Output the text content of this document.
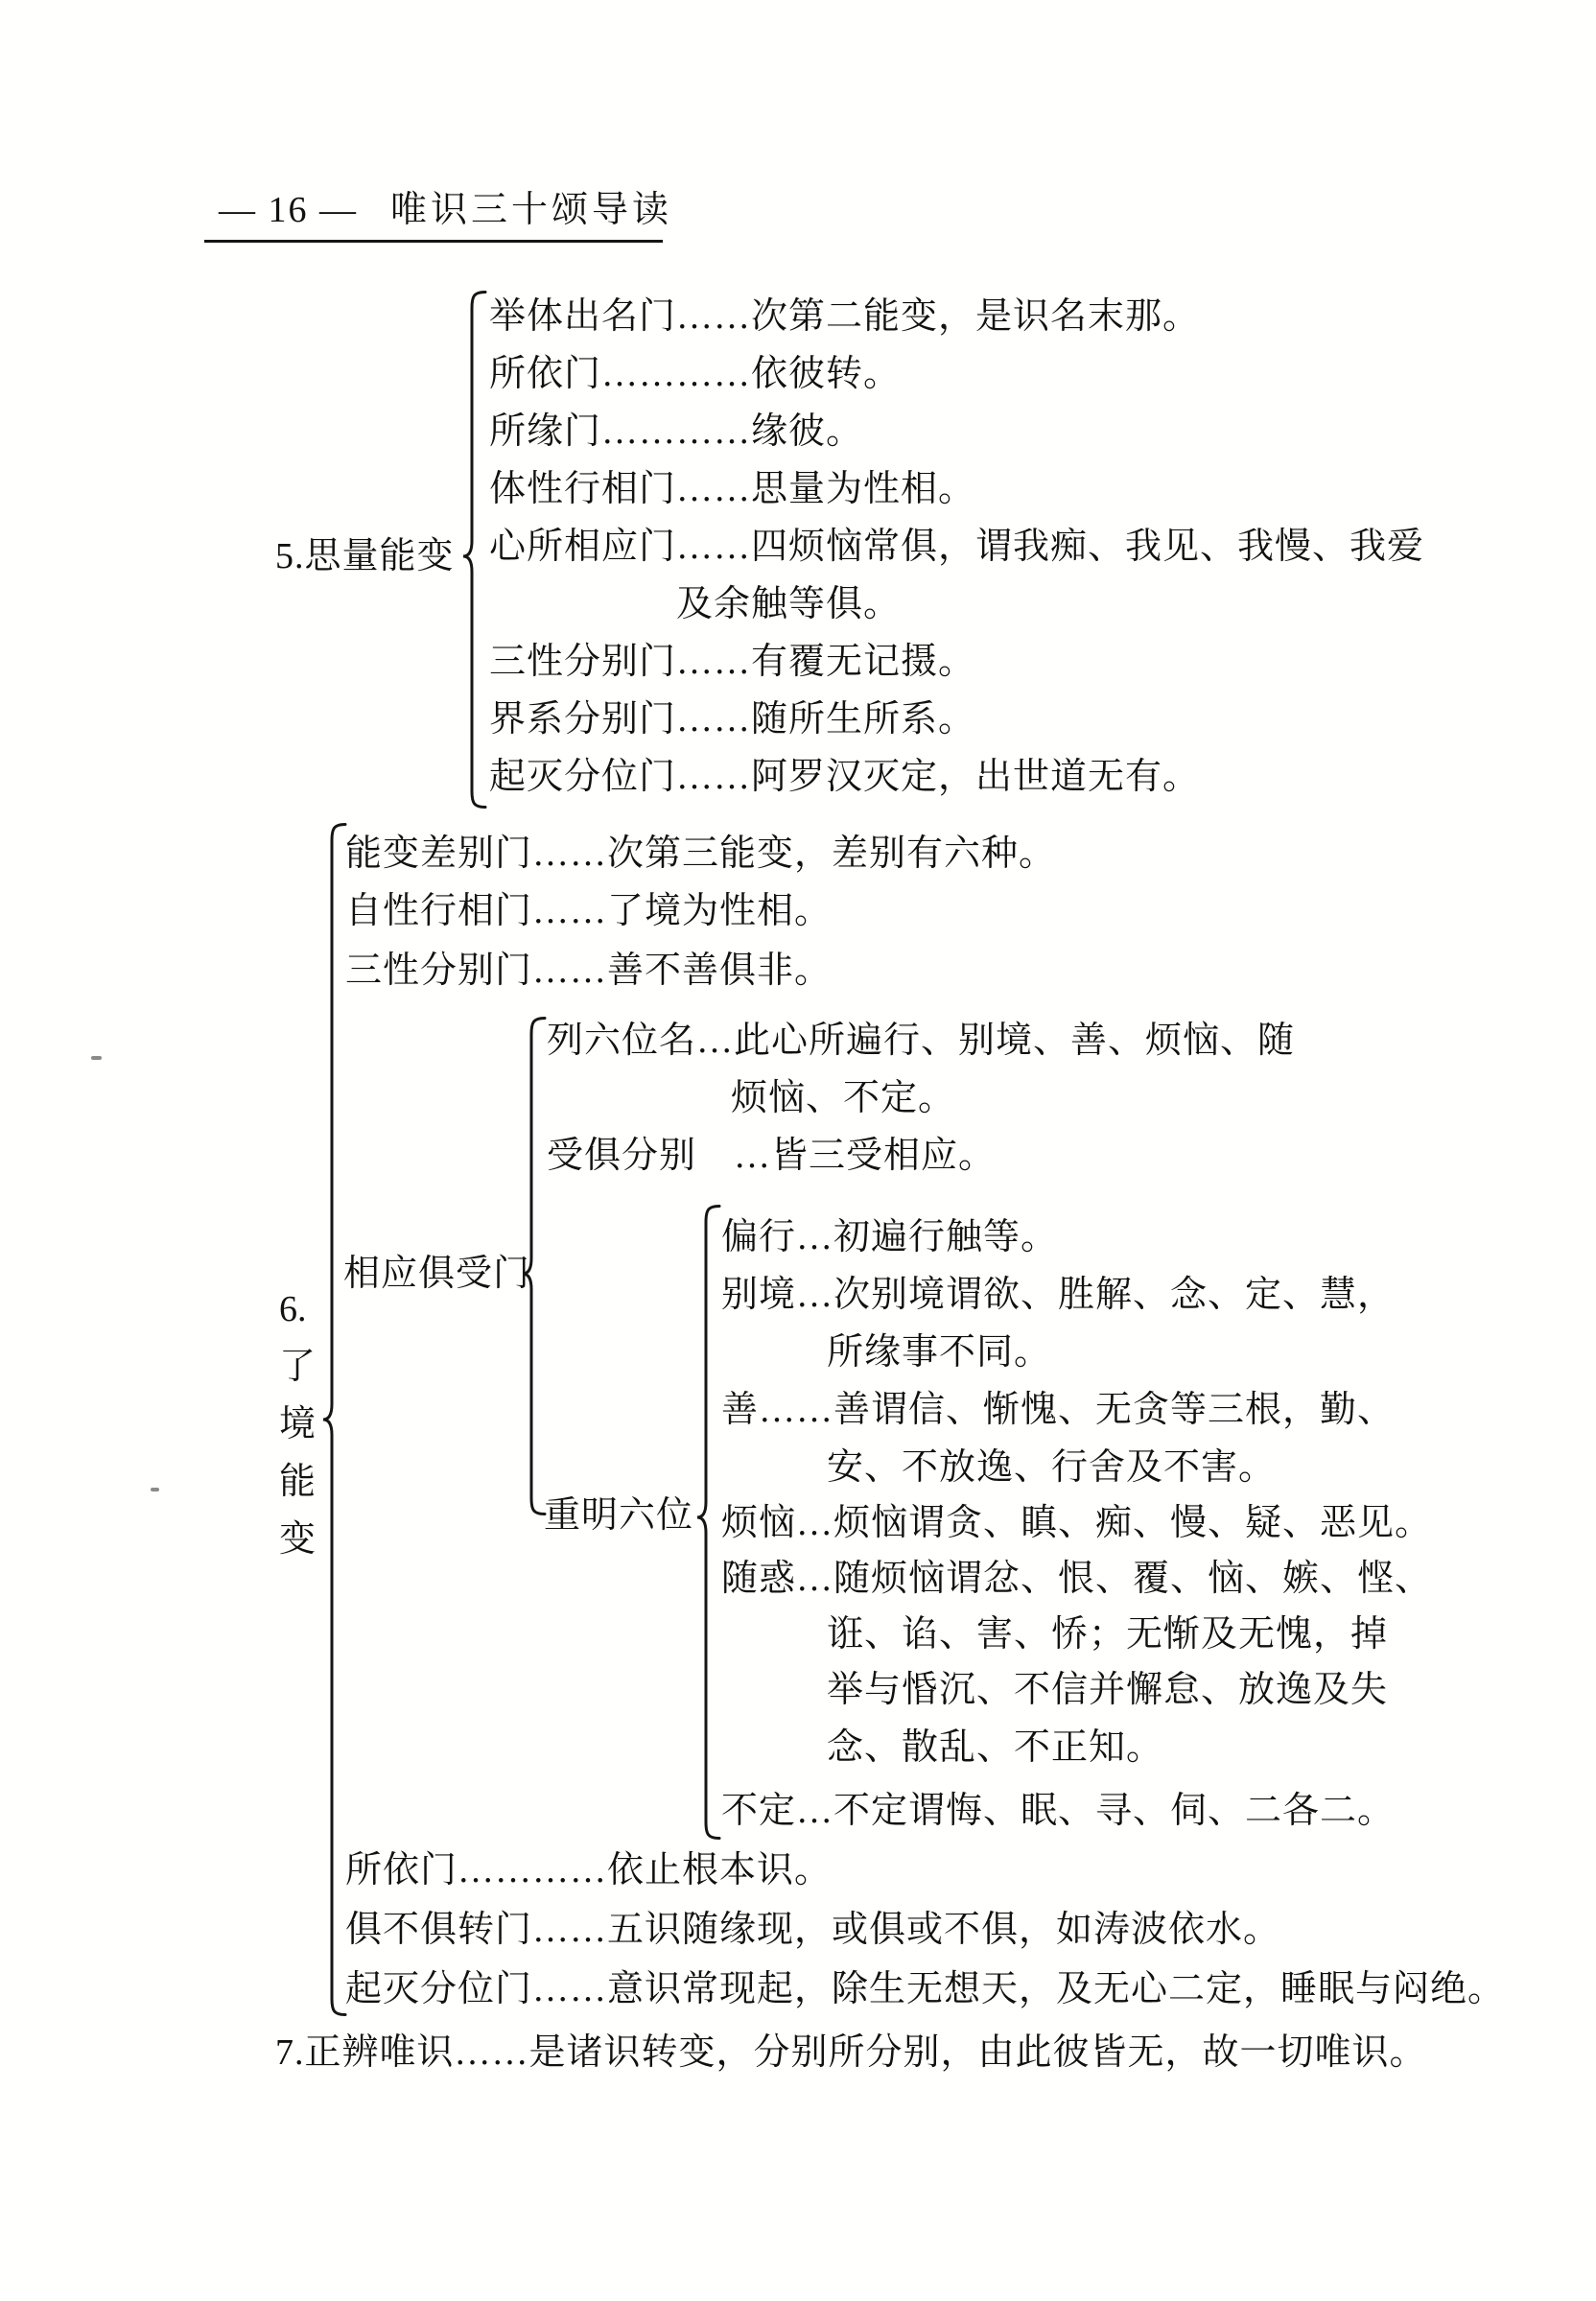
— 16 — 唯识三十颂导读
5.思量能变
举体出名门……次第二能变，是识名末那。
所依门…………依彼转。
所缘门…………缘彼。
体性行相门……思量为性相。
心所相应门……四烦恼常俱，谓我痴、我见、我慢、我爱
及余触等俱。
三性分别门……有覆无记摄。
界系分别门……随所生所系。
起灭分位门……阿罗汉灭定，出世道无有。
6.
了
境
能
变
能变差别门……次第三能变，差别有六种。
自性行相门……了境为性相。
三性分别门……善不善俱非。
相应俱受门
列六位名…此心所遍行、别境、善、烦恼、随
烦恼、不定。
受俱分别　…皆三受相应。
重明六位
偏行…初遍行触等。
别境…次别境谓欲、胜解、念、定、慧，
所缘事不同。
善……善谓信、惭愧、无贪等三根，勤、
安、不放逸、行舍及不害。
烦恼…烦恼谓贪、瞋、痴、慢、疑、恶见。
随惑…随烦恼谓忿、恨、覆、恼、嫉、悭、
诳、谄、害、㤭；无惭及无愧，掉
举与惛沉、不信并懈怠、放逸及失
念、散乱、不正知。
不定…不定谓悔、眠、寻、伺、二各二。
所依门…………依止根本识。
俱不俱转门……五识随缘现，或俱或不俱，如涛波依水。
起灭分位门……意识常现起，除生无想天，及无心二定，睡眠与闷绝。
7.正辨唯识……是诸识转变，分别所分别，由此彼皆无，故一切唯识。
